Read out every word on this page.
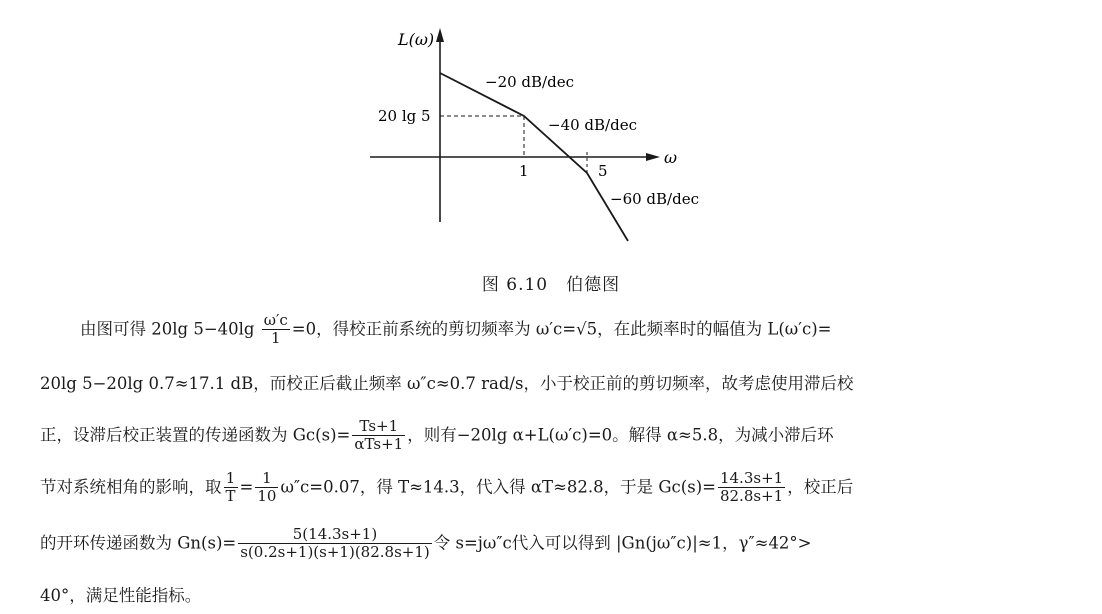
L(ω)
ω
20 lg 5
1	5
−20 dB/dec
−40 dB/dec
−60 dB/dec
图 6.10　伯德图
由图可得 20lg $5-40\lg \frac{\omega'c}{1} =0$，得校正前系统的剪切频率为 ω′c=√5，在此频率时的幅值为 L(ω′c)=
20lg 5−20lg 0.7≈17.1 dB，而校正后截止频率 ω″c≈0.7 rad/s，小于校正前的剪切频率，故考虑使用滞后校
正，设滞后校正装置的传递函数为 $Gc(s)= \frac{Ts+1}{\text{αTs+1}}$ ，则有−20lg α+L(ω′c)=0。解得 α≈5.8，为减小滞后环
节对系统相角的影响，取 $\frac{1}{T} = \frac{1}{10} \omega''c=0.07$，得 T≈14.3，代入得 αT≈82.8，于是 $Gc(s)= \frac{14.3s+1}{82.8s+1}$ ，校正后
的开环传递函数为 $Gn(s)= \frac{5(14.3s+1)}{s(0.2s+1)(s+1)(82.8s+1)}$ 令 s=jω″c代入可以得到 |Gn(jω″c)|≈1，γ″≈42°>
40°，满足性能指标。
